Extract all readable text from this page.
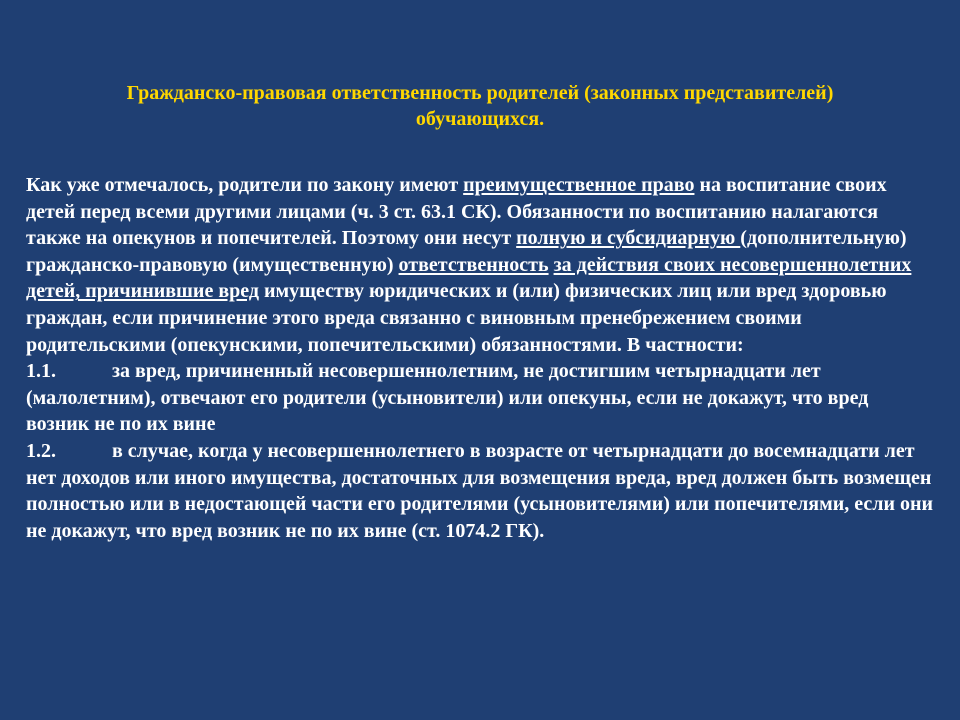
Гражданско-правовая ответственность родителей (законных представителей)
обучающихся.

Как уже отмечалось, родители по закону имеют преимущественное право на воспитание своих детей перед всеми другими лицами (ч. 3 ст. 63.1 СК). Обязанности по воспитанию налагаются также на опекунов и попечителей. Поэтому они несут полную и субсидиарную (дополнительную) гражданско-правовую (имущественную) ответственность за действия своих несовершеннолетних детей, причинившие вред имуществу юридических и (или) физических лиц или вред здоровью граждан, если причинение этого вреда связанно с виновным пренебрежением своими родительскими (опекунскими, попечительскими) обязанностями. В частности:

1.1.	за вред, причиненный несовершеннолетним, не достигшим четырнадцати лет (малолетним), отвечают его родители (усыновители) или опекуны, если не докажут, что вред возник не по их вине

1.2.	в случае, когда у несовершеннолетнего в возрасте от четырнадцати до восемнадцати лет нет доходов или иного имущества, достаточных для возмещения вреда, вред должен быть возмещен полностью или в недостающей части его родителями (усыновителями) или попечителями, если они не докажут, что вред возник не по их вине (ст. 1074.2 ГК).
